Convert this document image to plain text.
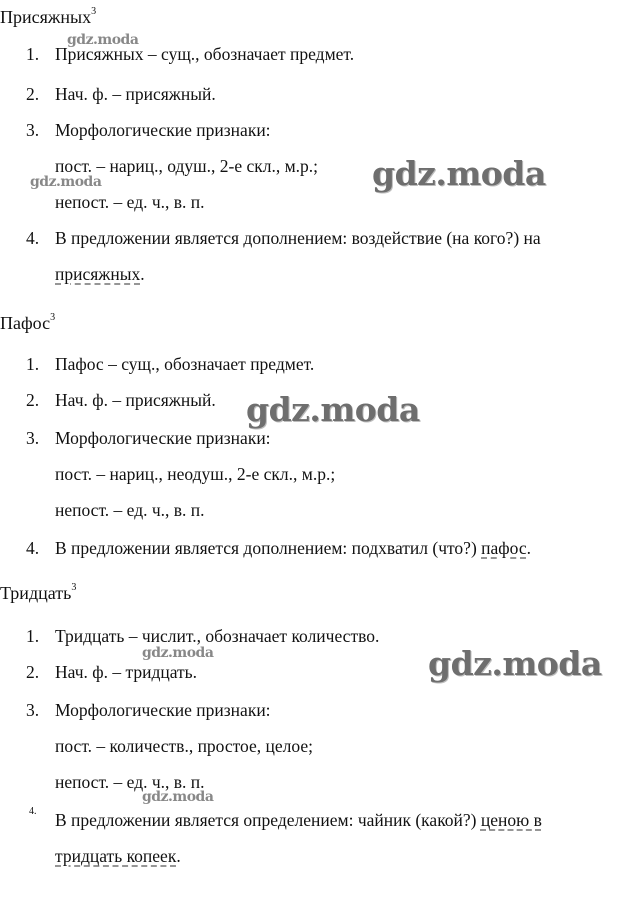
Присяжных$^3$
1. Присяжных – сущ., обозначает предмет.
2. Нач. ф. – присяжный.
3. Морфологические признаки:
пост. – нариц., одуш., 2-е скл., м.р.;
непост. – ед. ч., в. п.
4. В предложении является дополнением: воздействие (на кого?) на
присяжных.
Пафос$^3$
1. Пафос – сущ., обозначает предмет.
2. Нач. ф. – присяжный.
3. Морфологические признаки:
пост. – нариц., неодуш., 2-е скл., м.р.;
непост. – ед. ч., в. п.
4. В предложении является дополнением: подхватил (что?) пафос.
Тридцать$^3$
1. Тридцать – числит., обозначает количество.
2. Нач. ф. – тридцать.
3. Морфологические признаки:
пост. – количеств., простое, целое;
непост. – ед. ч., в. п.
4.	В предложении является определением: чайник (какой?) ценою в
тридцать копеек.
gdz.moda
gdz.moda
gdz.moda
gdz.moda
gdz.moda	gdz.moda
gdz.moda
